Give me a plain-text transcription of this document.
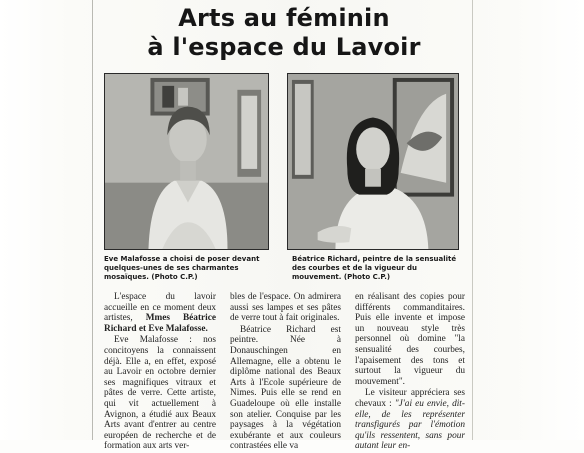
Arts au féminin
à l'espace du Lavoir
Eve Malafosse a choisi de poser devant quelques-unes de ses charmantes mosaïques. (Photo C.P.)
Béatrice Richard, peintre de la sensualité des courbes et de la vigueur du mouvement. (Photo C.P.)

L'espace du lavoir accueille en ce moment deux artistes, Mmes Béatrice Richard et Eve Malafosse.

Eve Malafosse : nos concitoyens la connaissent déjà. Elle a, en effet, exposé au Lavoir en octobre dernier ses magnifiques vitraux et pâtes de verre. Cette artiste, qui vit actuellement à Avignon, a étudié aux Beaux Arts avant d'entrer au centre européen de recherche et de formation aux arts ver-

bles de l'espace. On admirera aussi ses lampes et ses pâtes de verre tout à fait originales.

Béatrice Richard est peintre. Née à Donauschingen en Allemagne, elle a obtenu le diplôme national des Beaux Arts à l'Ecole supérieure de Nimes. Puis elle se rend en Guadeloupe où elle installe son atelier. Conquise par les paysages à la végétation exubérante et aux couleurs contrastées elle va

en réalisant des copies pour différents commanditaires. Puis elle invente et impose un nouveau style très personnel où domine "la sensualité des courbes, l'apaisement des tons et surtout la vigueur du mouvement".

Le visiteur appréciera ses chevaux : "J'ai eu envie, dit-elle, de les représenter transfigurés par l'émotion qu'ils ressentent, sans pour autant leur en-
